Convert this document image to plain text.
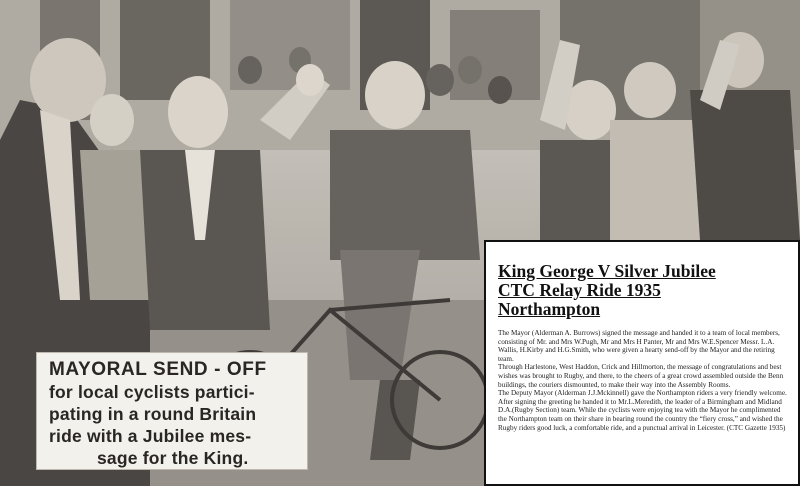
MAYORAL SEND - OFF
for local cyclists partici-
pating in a round Britain
ride with a Jubilee mes-
sage for the King.
King George V Silver Jubilee
CTC Relay Ride 1935
Northampton

The Mayor (Alderman A. Burrows) signed the message and handed it to a team of local members, consisting of Mr. and Mrs W.Pugh, Mr and Mrs H Panter, Mr and Mrs W.E.Spencer Messr. L.A. Wallis, H.Kirby and H.G.Smith, who were given a hearty send-off by the Mayor and the retiring team.

Through Harlestone, West Haddon, Crick and Hillmorton, the message of congratulations and best wishes was brought to Rugby, and there, to the cheers of a great crowd assembled outside the Benn buildings, the couriers dismounted, to make their way into the Assembly Rooms.

The Deputy Mayor (Alderman J.J.Mckinnell) gave the Northampton riders a very friendly welcome. After signing the greeting he handed it to Mr.L.Meredith, the leader of a Birmingham and Midland D.A.(Rugby Section) team. While the cyclists were enjoying tea with the Mayor he complimented the Northampton team on their share in bearing round the country the “fiery cross,” and wished the Rugby riders good luck, a comfortable ride, and a punctual arrival in Leicester. (CTC Gazette 1935)
